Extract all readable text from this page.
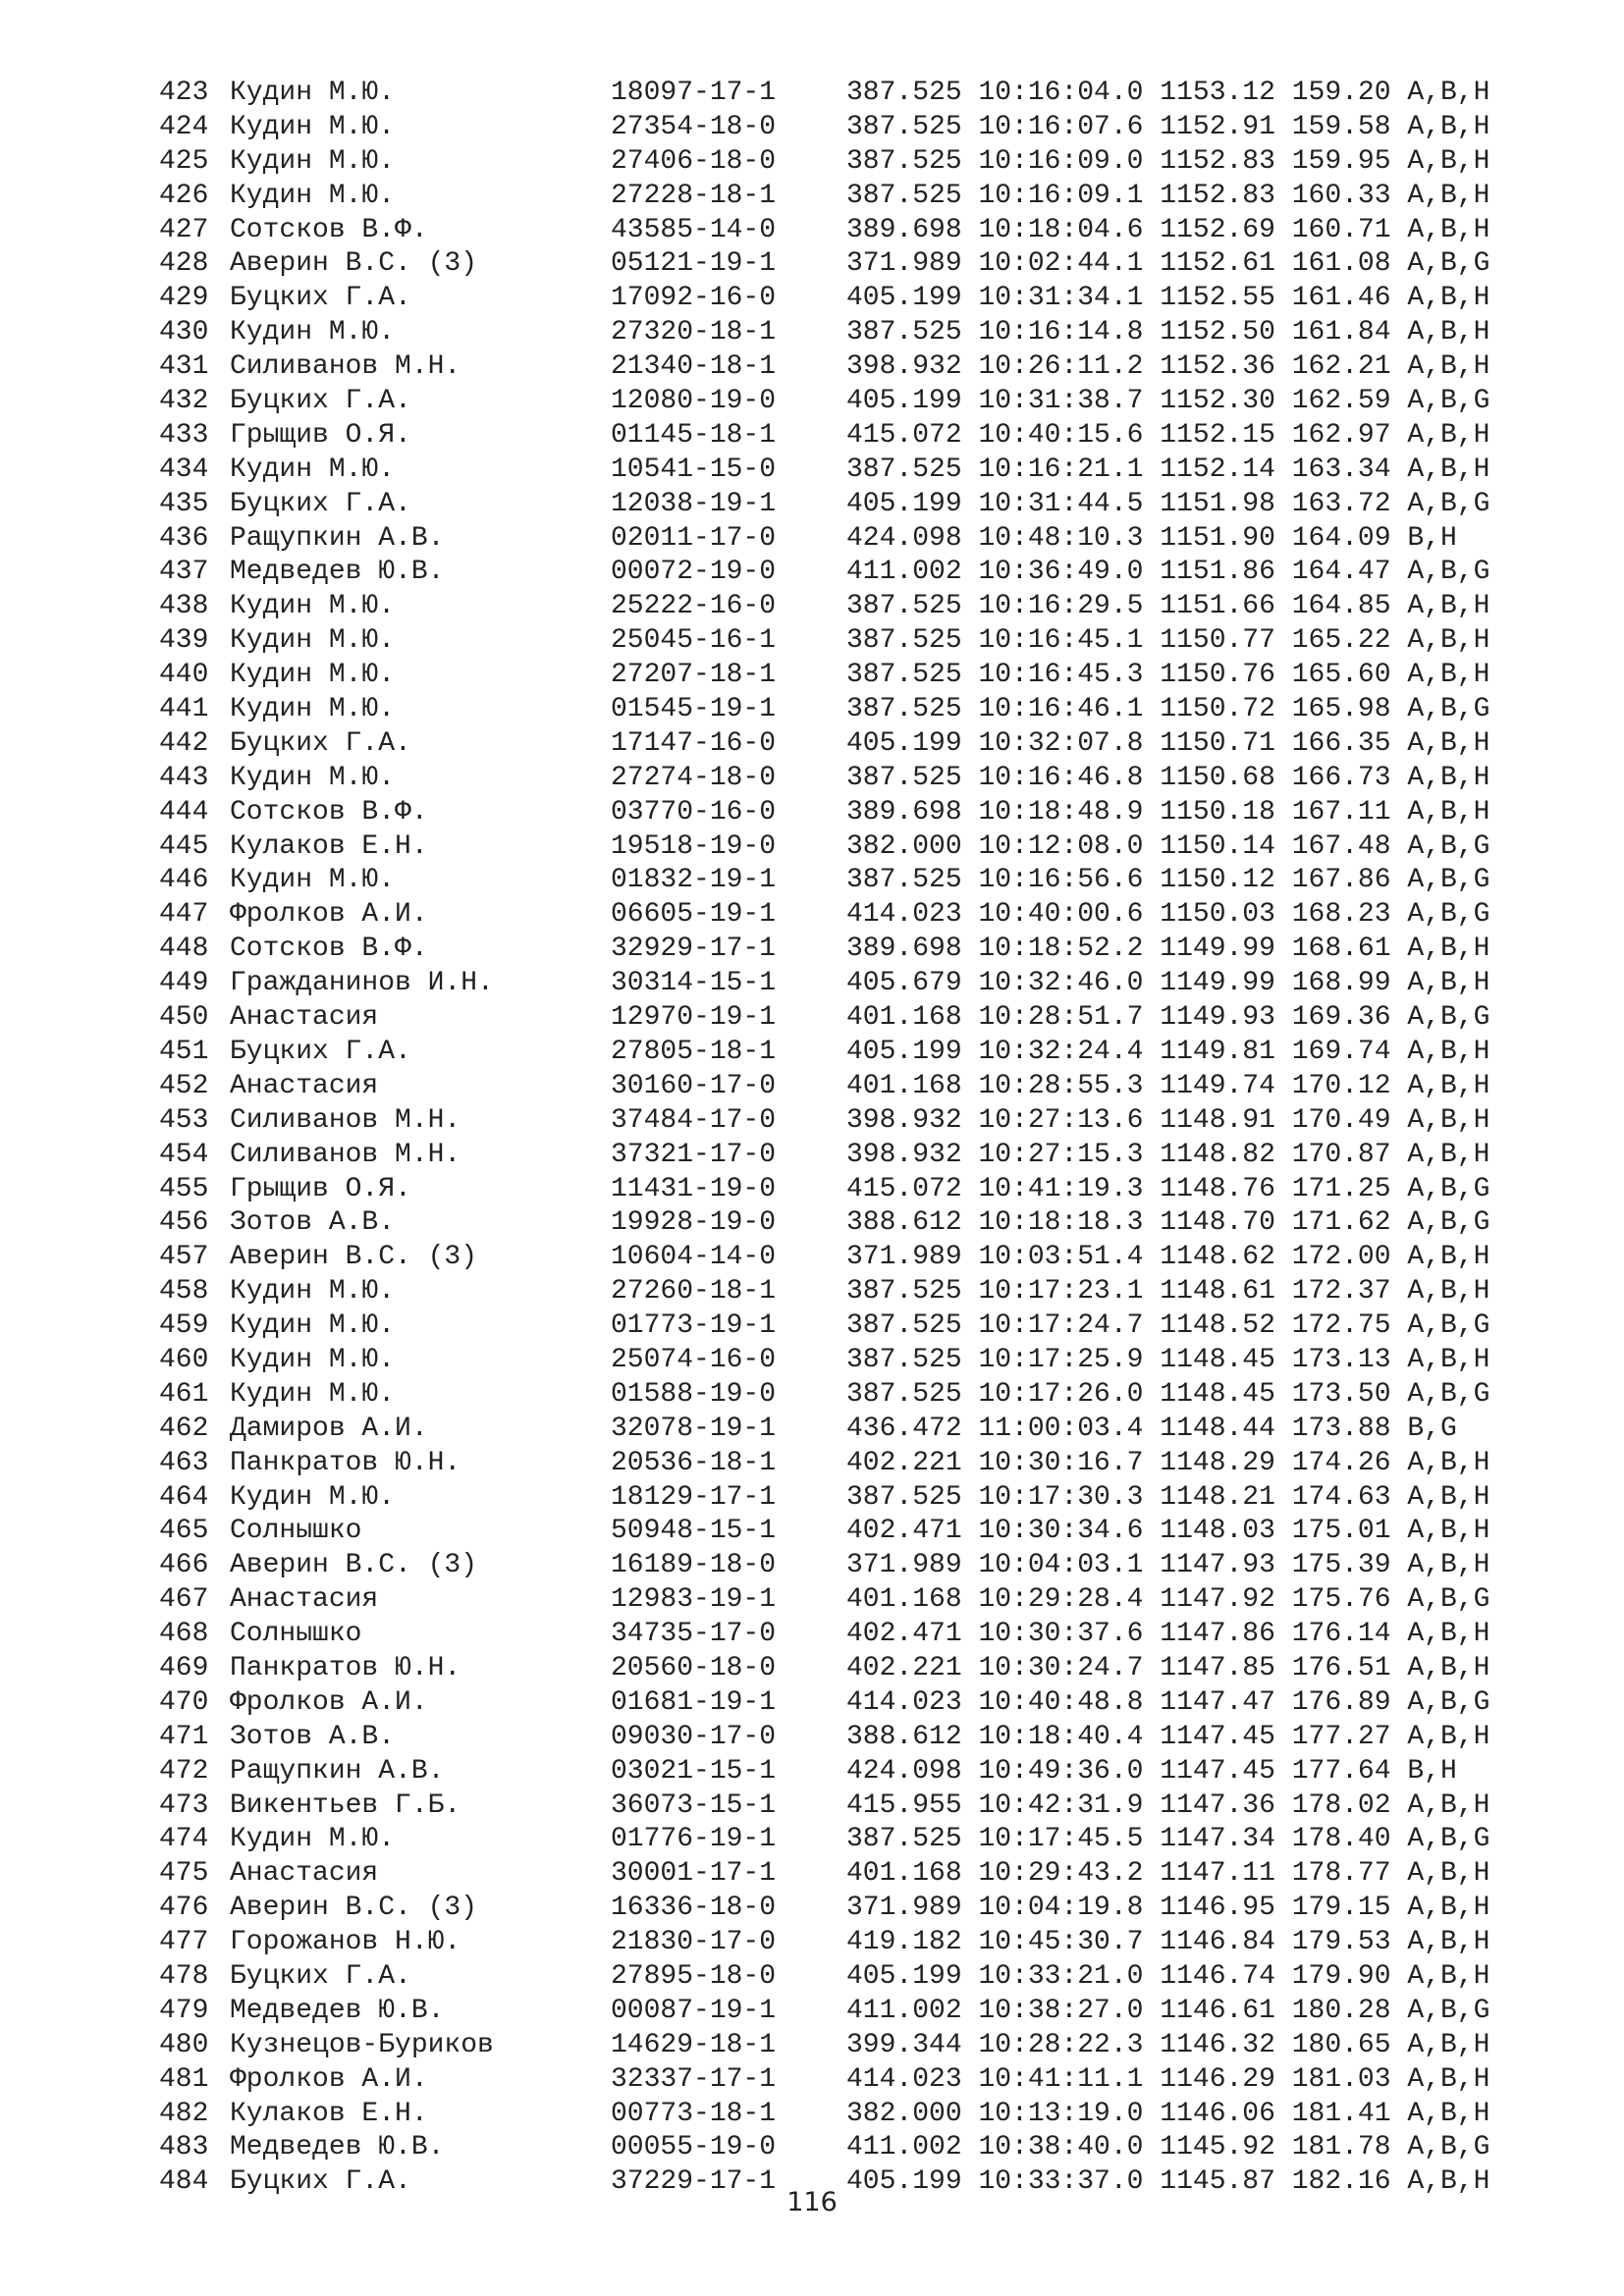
423 Кудин М.Ю.	18097-17-1	387.525 10:16:04.0 1153.12 159.20 A,B,H
424 Кудин М.Ю.	27354-18-0	387.525 10:16:07.6 1152.91 159.58 A,B,H
425 Кудин М.Ю.	27406-18-0	387.525 10:16:09.0 1152.83 159.95 A,B,H
426 Кудин М.Ю.	27228-18-1	387.525 10:16:09.1 1152.83 160.33 A,B,H
427 Сотсков В.Ф.	43585-14-0	389.698 10:18:04.6 1152.69 160.71 A,B,H
428 Аверин В.С. (3)	05121-19-1	371.989 10:02:44.1 1152.61 161.08 A,B,G
429 Буцких Г.А.	17092-16-0	405.199 10:31:34.1 1152.55 161.46 A,B,H
430 Кудин М.Ю.	27320-18-1	387.525 10:16:14.8 1152.50 161.84 A,B,H
431 Силиванов М.Н.	21340-18-1	398.932 10:26:11.2 1152.36 162.21 A,B,H
432 Буцких Г.А.	12080-19-0	405.199 10:31:38.7 1152.30 162.59 A,B,G
433 Грыщив О.Я.	01145-18-1	415.072 10:40:15.6 1152.15 162.97 A,B,H
434 Кудин М.Ю.	10541-15-0	387.525 10:16:21.1 1152.14 163.34 A,B,H
435 Буцких Г.А.	12038-19-1	405.199 10:31:44.5 1151.98 163.72 A,B,G
436 Ращупкин А.В.	02011-17-0	424.098 10:48:10.3 1151.90 164.09 B,H
437 Медведев Ю.В.	00072-19-0	411.002 10:36:49.0 1151.86 164.47 A,B,G
438 Кудин М.Ю.	25222-16-0	387.525 10:16:29.5 1151.66 164.85 A,B,H
439 Кудин М.Ю.	25045-16-1	387.525 10:16:45.1 1150.77 165.22 A,B,H
440 Кудин М.Ю.	27207-18-1	387.525 10:16:45.3 1150.76 165.60 A,B,H
441 Кудин М.Ю.	01545-19-1	387.525 10:16:46.1 1150.72 165.98 A,B,G
442 Буцких Г.А.	17147-16-0	405.199 10:32:07.8 1150.71 166.35 A,B,H
443 Кудин М.Ю.	27274-18-0	387.525 10:16:46.8 1150.68 166.73 A,B,H
444 Сотсков В.Ф.	03770-16-0	389.698 10:18:48.9 1150.18 167.11 A,B,H
445 Кулаков Е.Н.	19518-19-0	382.000 10:12:08.0 1150.14 167.48 A,B,G
446 Кудин М.Ю.	01832-19-1	387.525 10:16:56.6 1150.12 167.86 A,B,G
447 Фролков А.И.	06605-19-1	414.023 10:40:00.6 1150.03 168.23 A,B,G
448 Сотсков В.Ф.	32929-17-1	389.698 10:18:52.2 1149.99 168.61 A,B,H
449 Гражданинов И.Н.	30314-15-1	405.679 10:32:46.0 1149.99 168.99 A,B,H
450 Анастасия	12970-19-1	401.168 10:28:51.7 1149.93 169.36 A,B,G
451 Буцких Г.А.	27805-18-1	405.199 10:32:24.4 1149.81 169.74 A,B,H
452 Анастасия	30160-17-0	401.168 10:28:55.3 1149.74 170.12 A,B,H
453 Силиванов М.Н.	37484-17-0	398.932 10:27:13.6 1148.91 170.49 A,B,H
454 Силиванов М.Н.	37321-17-0	398.932 10:27:15.3 1148.82 170.87 A,B,H
455 Грыщив О.Я.	11431-19-0	415.072 10:41:19.3 1148.76 171.25 A,B,G
456 Зотов А.В.	19928-19-0	388.612 10:18:18.3 1148.70 171.62 A,B,G
457 Аверин В.С. (3)	10604-14-0	371.989 10:03:51.4 1148.62 172.00 A,B,H
458 Кудин М.Ю.	27260-18-1	387.525 10:17:23.1 1148.61 172.37 A,B,H
459 Кудин М.Ю.	01773-19-1	387.525 10:17:24.7 1148.52 172.75 A,B,G
460 Кудин М.Ю.	25074-16-0	387.525 10:17:25.9 1148.45 173.13 A,B,H
461 Кудин М.Ю.	01588-19-0	387.525 10:17:26.0 1148.45 173.50 A,B,G
462 Дамиров А.И.	32078-19-1	436.472 11:00:03.4 1148.44 173.88 B,G
463 Панкратов Ю.Н.	20536-18-1	402.221 10:30:16.7 1148.29 174.26 A,B,H
464 Кудин М.Ю.	18129-17-1	387.525 10:17:30.3 1148.21 174.63 A,B,H
465 Солнышко	50948-15-1	402.471 10:30:34.6 1148.03 175.01 A,B,H
466 Аверин В.С. (3)	16189-18-0	371.989 10:04:03.1 1147.93 175.39 A,B,H
467 Анастасия	12983-19-1	401.168 10:29:28.4 1147.92 175.76 A,B,G
468 Солнышко	34735-17-0	402.471 10:30:37.6 1147.86 176.14 A,B,H
469 Панкратов Ю.Н.	20560-18-0	402.221 10:30:24.7 1147.85 176.51 A,B,H
470 Фролков А.И.	01681-19-1	414.023 10:40:48.8 1147.47 176.89 A,B,G
471 Зотов А.В.	09030-17-0	388.612 10:18:40.4 1147.45 177.27 A,B,H
472 Ращупкин А.В.	03021-15-1	424.098 10:49:36.0 1147.45 177.64 B,H
473 Викентьев Г.Б.	36073-15-1	415.955 10:42:31.9 1147.36 178.02 A,B,H
474 Кудин М.Ю.	01776-19-1	387.525 10:17:45.5 1147.34 178.40 A,B,G
475 Анастасия	30001-17-1	401.168 10:29:43.2 1147.11 178.77 A,B,H
476 Аверин В.С. (3)	16336-18-0	371.989 10:04:19.8 1146.95 179.15 A,B,H
477 Горожанов Н.Ю.	21830-17-0	419.182 10:45:30.7 1146.84 179.53 A,B,H
478 Буцких Г.А.	27895-18-0	405.199 10:33:21.0 1146.74 179.90 A,B,H
479 Медведев Ю.В.	00087-19-1	411.002 10:38:27.0 1146.61 180.28 A,B,G
480 Кузнецов-Буриков	14629-18-1	399.344 10:28:22.3 1146.32 180.65 A,B,H
481 Фролков А.И.	32337-17-1	414.023 10:41:11.1 1146.29 181.03 A,B,H
482 Кулаков Е.Н.	00773-18-1	382.000 10:13:19.0 1146.06 181.41 A,B,H
483 Медведев Ю.В.	00055-19-0	411.002 10:38:40.0 1145.92 181.78 A,B,G
484 Буцких Г.А.	37229-17-1	405.199 10:33:37.0 1145.87 182.16 A,B,H
116
